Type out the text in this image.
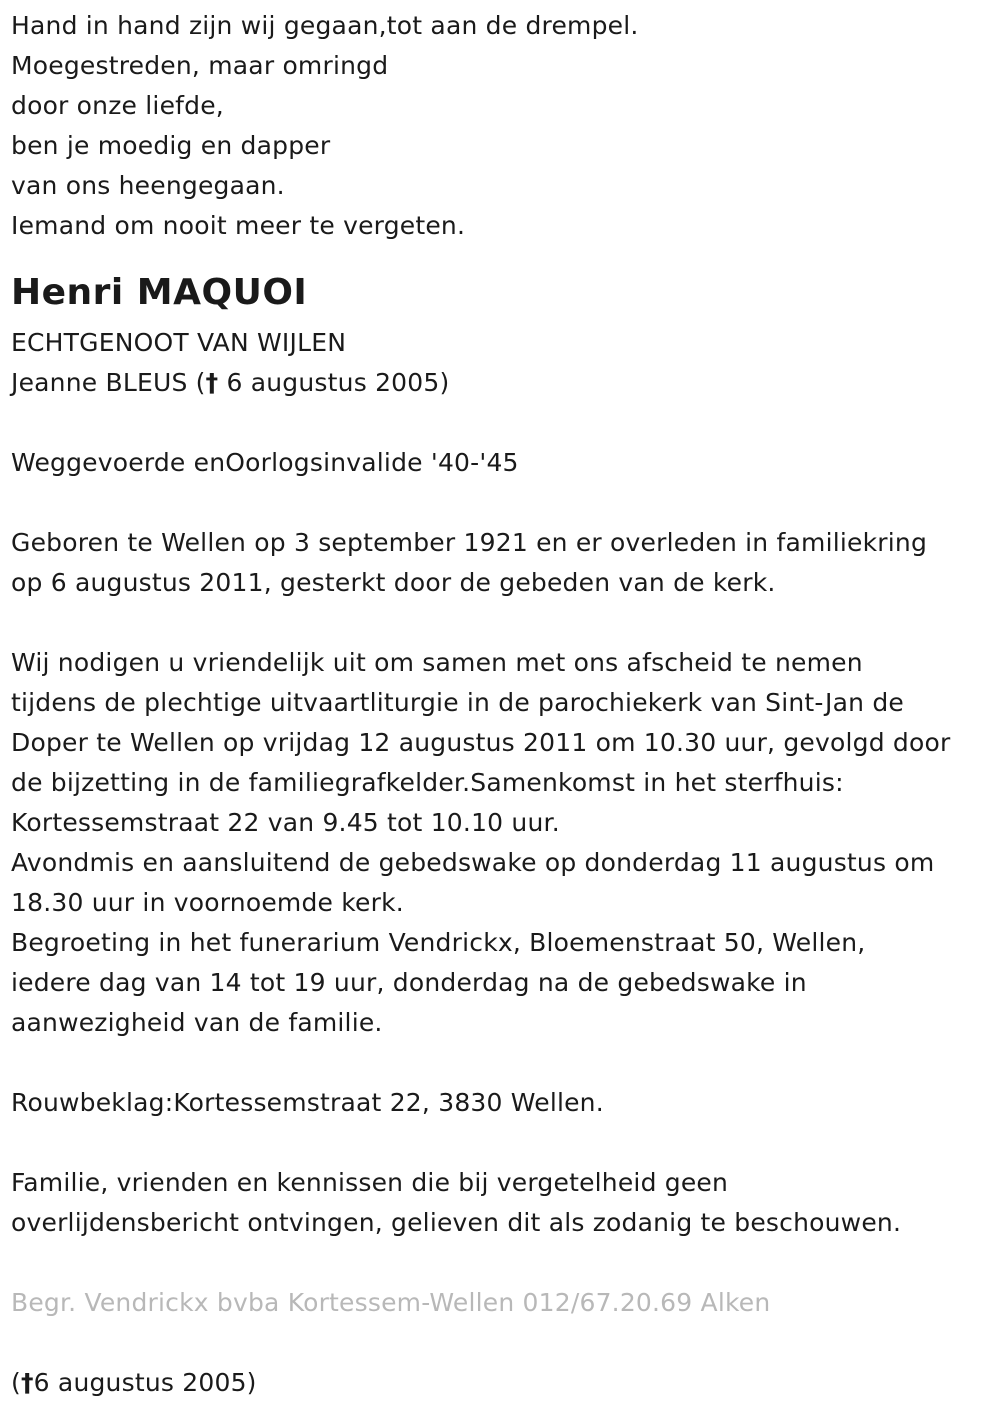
Hand in hand zijn wij gegaan,tot aan de drempel.
Moegestreden, maar omringd
door onze liefde,
ben je moedig en dapper
van ons heengegaan.
Iemand om nooit meer te vergeten.
Henri MAQUOI
ECHTGENOOT VAN WIJLEN
Jeanne BLEUS († 6 augustus 2005)
Weggevoerde enOorlogsinvalide '40-'45
Geboren te Wellen op 3 september 1921 en er overleden in familiekring
op 6 augustus 2011, gesterkt door de gebeden van de kerk.
Wij nodigen u vriendelijk uit om samen met ons afscheid te nemen
tijdens de plechtige uitvaartliturgie in de parochiekerk van Sint-Jan de
Doper te Wellen op vrijdag 12 augustus 2011 om 10.30 uur, gevolgd door
de bijzetting in de familiegrafkelder.Samenkomst in het sterfhuis:
Kortessemstraat 22 van 9.45 tot 10.10 uur.
Avondmis en aansluitend de gebedswake op donderdag 11 augustus om
18.30 uur in voornoemde kerk.
Begroeting in het funerarium Vendrickx, Bloemenstraat 50, Wellen,
iedere dag van 14 tot 19 uur, donderdag na de gebedswake in
aanwezigheid van de familie.
Rouwbeklag:Kortessemstraat 22, 3830 Wellen.
Familie, vrienden en kennissen die bij vergetelheid geen
overlijdensbericht ontvingen, gelieven dit als zodanig te beschouwen.
Begr. Vendrickx bvba Kortessem-Wellen 012/67.20.69 Alken
(†6 augustus 2005)
